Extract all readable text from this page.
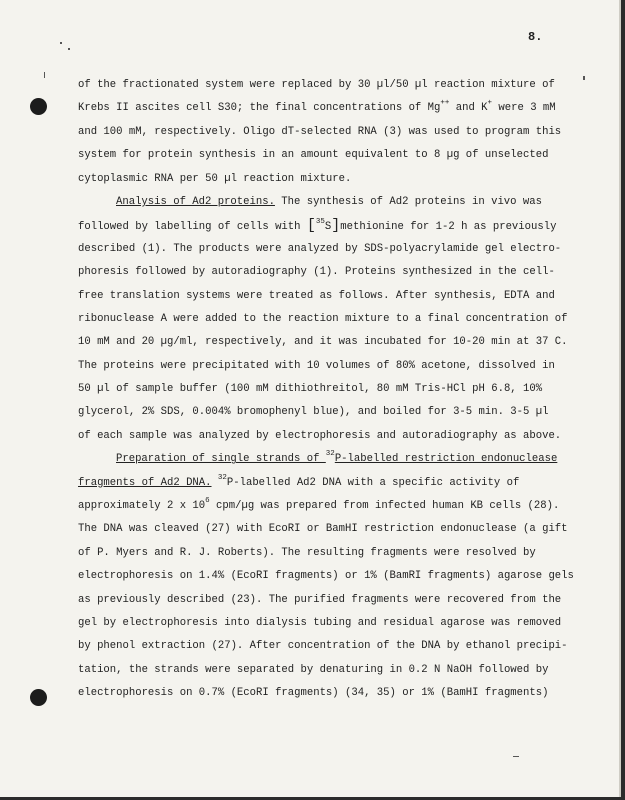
8.
of the fractionated system were replaced by 30 µl/50 µl reaction mixture of
Krebs II ascites cell S30; the final concentrations of Mg++ and K+ were 3 mM
and 100 mM, respectively. Oligo dT-selected RNA (3) was used to program this
system for protein synthesis in an amount equivalent to 8 µg of unselected
cytoplasmic RNA per 50 µl reaction mixture.
Analysis of Ad2 proteins. The synthesis of Ad2 proteins in vivo was
followed by labelling of cells with [$^{35}$S]methionine for 1-2 h as previously
described (1). The products were analyzed by SDS-polyacrylamide gel electro-
phoresis followed by autoradiography (1). Proteins synthesized in the cell-
free translation systems were treated as follows. After synthesis, EDTA and
ribonuclease A were added to the reaction mixture to a final concentration of
10 mM and 20 µg/ml, respectively, and it was incubated for 10-20 min at 37 C.
The proteins were precipitated with 10 volumes of 80% acetone, dissolved in
50 µl of sample buffer (100 mM dithiothreitol, 80 mM Tris-HCl pH 6.8, 10%
glycerol, 2% SDS, 0.004% bromophenyl blue), and boiled for 3-5 min. 3-5 µl
of each sample was analyzed by electrophoresis and autoradiography as above.
Preparation of single strands of $^{32}$P-labelled restriction endonuclease
fragments of Ad2 DNA. $^{32}$P-labelled Ad2 DNA with a specific activity of
approximately 2 x $10^6$ cpm/µg was prepared from infected human KB cells (28).
The DNA was cleaved (27) with EcoRI or BamHI restriction endonuclease (a gift
of P. Myers and R. J. Roberts). The resulting fragments were resolved by
electrophoresis on 1.4% (EcoRI fragments) or 1% (BamRI fragments) agarose gels
as previously described (23). The purified fragments were recovered from the
gel by electrophoresis into dialysis tubing and residual agarose was removed
by phenol extraction (27). After concentration of the DNA by ethanol precipi-
tation, the strands were separated by denaturing in 0.2 N NaOH followed by
electrophoresis on 0.7% (EcoRI fragments) (34, 35) or 1% (BamHI fragments)
